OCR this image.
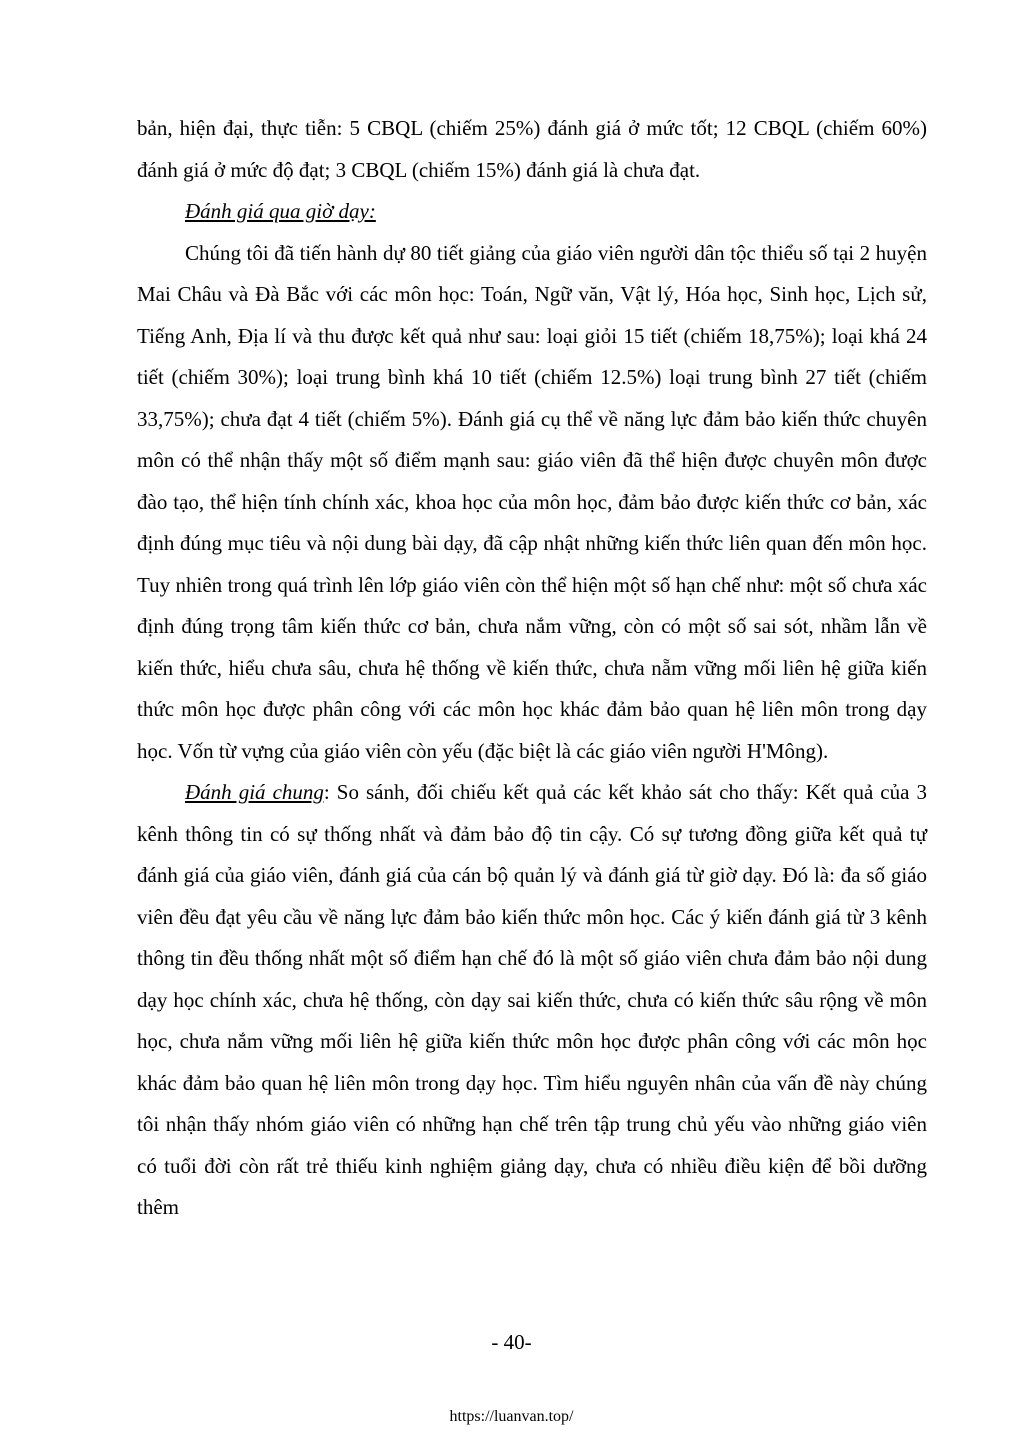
bản, hiện đại, thực tiễn: 5 CBQL (chiếm 25%) đánh giá ở mức tốt; 12 CBQL (chiếm 60%) đánh giá ở mức độ đạt; 3 CBQL (chiếm 15%) đánh giá là chưa đạt.

Đánh giá qua giờ dạy:

Chúng tôi đã tiến hành dự 80 tiết giảng của giáo viên người dân tộc thiểu số tại 2 huyện Mai Châu và Đà Bắc với các môn học: Toán, Ngữ văn, Vật lý, Hóa học, Sinh học, Lịch sử, Tiếng Anh, Địa lí và thu được kết quả như sau: loại giỏi 15 tiết (chiếm 18,75%); loại khá 24 tiết (chiếm 30%); loại trung bình khá 10 tiết (chiếm 12.5%) loại trung bình 27 tiết (chiếm 33,75%); chưa đạt 4 tiết (chiếm 5%). Đánh giá cụ thể về năng lực đảm bảo kiến thức chuyên môn có thể nhận thấy một số điểm mạnh sau: giáo viên đã thể hiện được chuyên môn được đào tạo, thể hiện tính chính xác, khoa học của môn học, đảm bảo được kiến thức cơ bản, xác định đúng mục tiêu và nội dung bài dạy, đã cập nhật những kiến thức liên quan đến môn học. Tuy nhiên trong quá trình lên lớp giáo viên còn thể hiện một số hạn chế như: một số chưa xác định đúng trọng tâm kiến thức cơ bản, chưa nắm vững, còn có một số sai sót, nhầm lẫn về kiến thức, hiểu chưa sâu, chưa hệ thống về kiến thức, chưa nẵm vững mối liên hệ giữa kiến thức môn học được phân công với các môn học khác đảm bảo quan hệ liên môn trong dạy học. Vốn từ vựng của giáo viên còn yếu (đặc biệt là các giáo viên người H'Mông).

Đánh giá chung: So sánh, đối chiếu kết quả các kết khảo sát cho thấy: Kết quả của 3 kênh thông tin có sự thống nhất và đảm bảo độ tin cậy. Có sự tương đồng giữa kết quả tự đánh giá của giáo viên, đánh giá của cán bộ quản lý và đánh giá từ giờ dạy. Đó là: đa số giáo viên đều đạt yêu cầu về năng lực đảm bảo kiến thức môn học. Các ý kiến đánh giá từ 3 kênh thông tin đều thống nhất một số điểm hạn chế đó là một số giáo viên chưa đảm bảo nội dung dạy học chính xác, chưa hệ thống, còn dạy sai kiến thức, chưa có kiến thức sâu rộng về môn học, chưa nắm vững mối liên hệ giữa kiến thức môn học được phân công với các môn học khác đảm bảo quan hệ liên môn trong dạy học. Tìm hiểu nguyên nhân của vấn đề này chúng tôi nhận thấy nhóm giáo viên có những hạn chế trên tập trung chủ yếu vào những giáo viên có tuổi đời còn rất trẻ thiếu kinh nghiệm giảng dạy, chưa có nhiều điều kiện để bồi dưỡng thêm

- 40-
https://luanvan.top/
